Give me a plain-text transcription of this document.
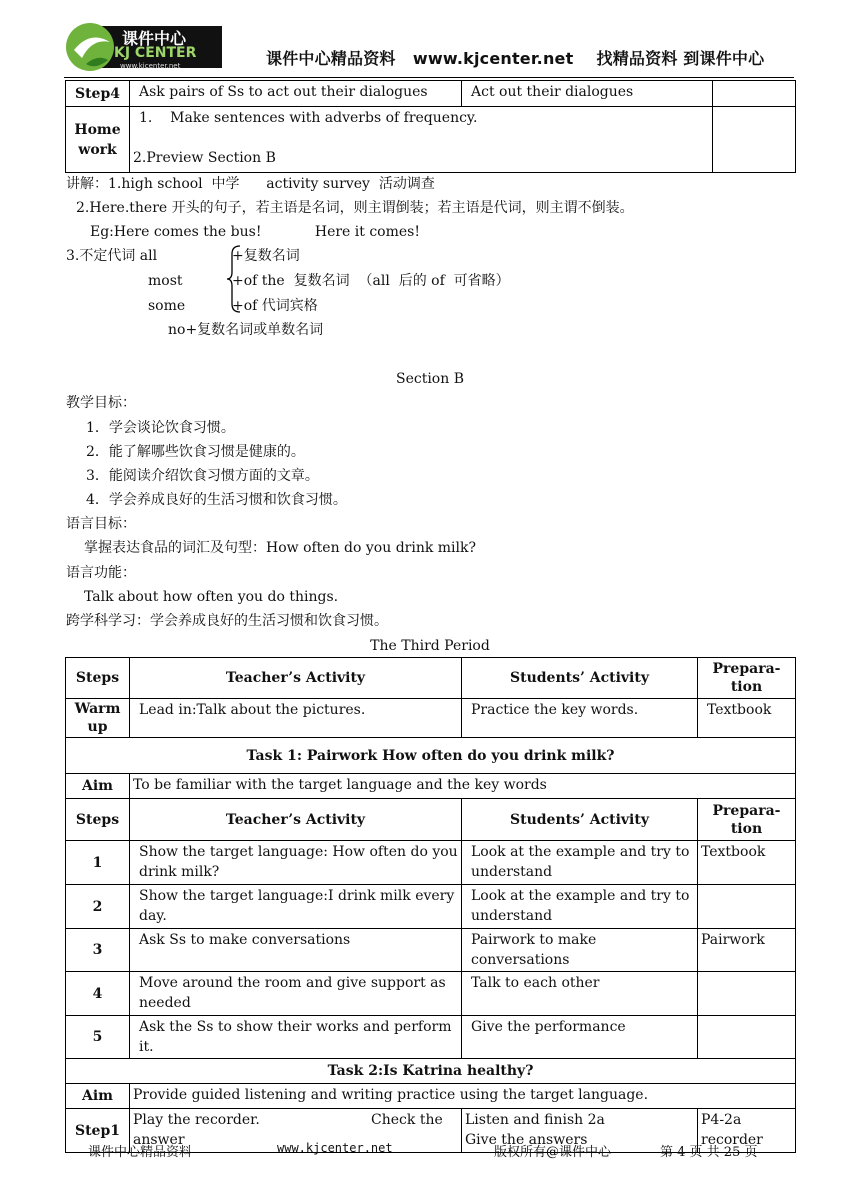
课件中心
KJ CENTER
www.kjcenter.net	课件中心精品资料   www.kjcenter.net    找精品资料 到课件中心
Step4	Ask pairs of Ss to act out their dialogues	Act out their dialogues	
Homework	1.    Make sentences with adverbs of frequency.
2.Preview Section B		

讲解：1.high school  中学      activity survey  活动调查
2.Here.there 开头的句子，若主语是名词，则主谓倒装；若主语是代词，则主谓不倒装。
Eg:Here comes the bus!            Here it comes!
3.不定代词 all	+复数名词
most	+of the  复数名词  （all  后的 of  可省略）
some	+of 代词宾格
no+复数名词或单数名词
Section B
教学目标：
1．学会谈论饮食习惯。
2．能了解哪些饮食习惯是健康的。
3．能阅读介绍饮食习惯方面的文章。
4．学会养成良好的生活习惯和饮食习惯。
语言目标：
掌握表达食品的词汇及句型：How often do you drink milk?
语言功能：
Talk about how often you do things.
跨学科学习：学会养成良好的生活习惯和饮食习惯。
The Third Period
Steps	Teacher’s Activity	Students’ Activity	Prepara-tion
Warm up	Lead in:Talk about the pictures.	Practice the key words.	Textbook
Task 1: Pairwork How often do you drink milk?			
Aim	To be familiar with the target language and the key words		
Steps	Teacher’s Activity	Students’ Activity	Prepara-tion
1	Show the target language: How often do you drink milk?	Look at the example and try to understand	Textbook
2	Show the target language:I drink milk every day.	Look at the example and try to understand	
3	Ask Ss to make conversations	Pairwork to make conversations	Pairwork
4	Move around the room and give support as needed	Talk to each other	
5	Ask the Ss to show their works and perform it.	Give the performance	
Task 2:Is Katrina healthy?			
Aim	Provide guided listening and writing practice using the target language.		
Step1	Play the recorder.                         Check the answer	Listen and finish 2a                    Give the answers	P4-2a recorder
课件中心精品资料	www.kjcenter.net	版权所有@课件中心	第 4 页 共 25 页
